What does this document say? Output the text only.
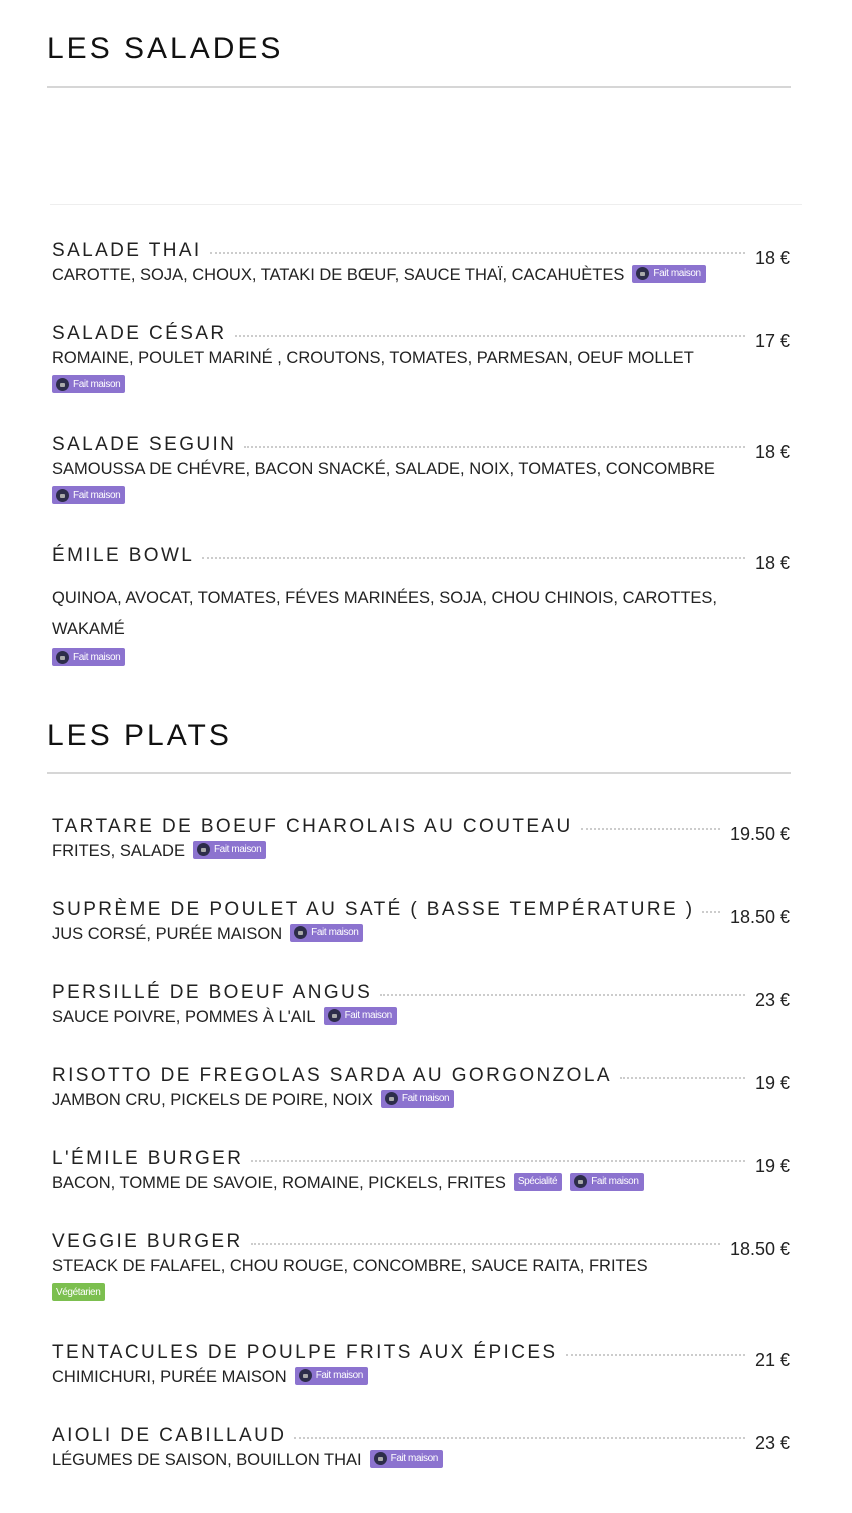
LES SALADES
SALADE THAI	18 €
CAROTTE, SOJA, CHOUX, TATAKI DE BŒUF, SAUCE THAÏ, CACAHUÈTES	Fait maison
SALADE CÉSAR	17 €
ROMAINE, POULET MARINÉ , CROUTONS, TOMATES, PARMESAN, OEUF MOLLET
Fait maison
SALADE SEGUIN	18 €
SAMOUSSA DE CHÉVRE, BACON SNACKÉ, SALADE, NOIX, TOMATES, CONCOMBRE
Fait maison
ÉMILE BOWL	18 €
QUINOA, AVOCAT, TOMATES, FÉVES MARINÉES, SOJA, CHOU CHINOIS, CAROTTES, WAKAMÉ
Fait maison
LES PLATS
TARTARE DE BOEUF CHAROLAIS AU COUTEAU	19.50 €
FRITES, SALADE	Fait maison
SUPRÈME DE POULET AU SATÉ ( BASSE TEMPÉRATURE ) 18.50 €
JUS CORSÉ, PURÉE MAISON	Fait maison
PERSILLÉ DE BOEUF ANGUS	23 €
SAUCE POIVRE, POMMES À L'AIL	Fait maison
RISOTTO DE FREGOLAS SARDA AU GORGONZOLA	19 €
JAMBON CRU, PICKELS DE POIRE, NOIX	Fait maison
L'ÉMILE BURGER	19 €
BACON, TOMME DE SAVOIE, ROMAINE, PICKELS, FRITES Spécialité	Fait maison
VEGGIE BURGER	18.50 €
STEACK DE FALAFEL, CHOU ROUGE, CONCOMBRE, SAUCE RAITA, FRITES
Végétarien
TENTACULES DE POULPE FRITS AUX ÉPICES	21 €
CHIMICHURI, PURÉE MAISON	Fait maison
AIOLI DE CABILLAUD	23 €
LÉGUMES DE SAISON, BOUILLON THAI	Fait maison
